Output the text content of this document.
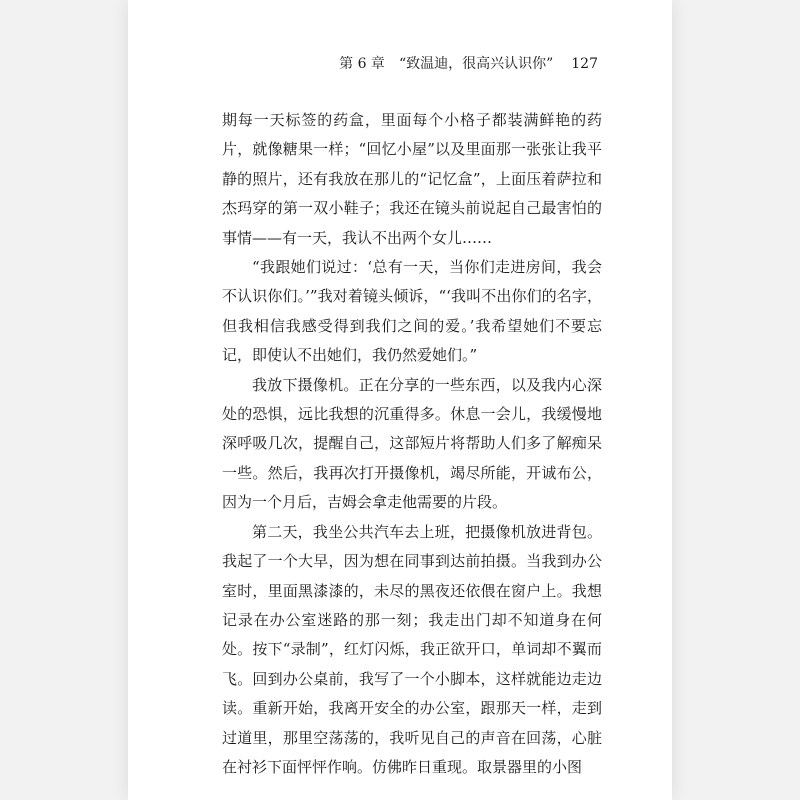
第 6 章 “致温迪，很高兴认识你” 127

期每一天标签的药盒，里面每个小格子都装满鲜艳的药片，就像糖果一样；“回忆小屋”以及里面那一张张让我平静的照片，还有我放在那儿的“记忆盒”，上面压着萨拉和杰玛穿的第一双小鞋子；我还在镜头前说起自己最害怕的事情——有一天，我认不出两个女儿……

“我跟她们说过：‘总有一天，当你们走进房间，我会不认识你们。’”我对着镜头倾诉，“‘我叫不出你们的名字，但我相信我感受得到我们之间的爱。’我希望她们不要忘记，即使认不出她们，我仍然爱她们。”

我放下摄像机。正在分享的一些东西，以及我内心深处的恐惧，远比我想的沉重得多。休息一会儿，我缓慢地深呼吸几次，提醒自己，这部短片将帮助人们多了解痴呆一些。然后，我再次打开摄像机，竭尽所能，开诚布公，因为一个月后，吉姆会拿走他需要的片段。

第二天，我坐公共汽车去上班，把摄像机放进背包。我起了一个大早，因为想在同事到达前拍摄。当我到办公室时，里面黑漆漆的，未尽的黑夜还依偎在窗户上。我想记录在办公室迷路的那一刻；我走出门却不知道身在何处。按下“录制”，红灯闪烁，我正欲开口，单词却不翼而飞。回到办公桌前，我写了一个小脚本，这样就能边走边读。重新开始，我离开安全的办公室，跟那天一样，走到过道里，那里空荡荡的，我听见自己的声音在回荡，心脏在衬衫下面怦怦作响。仿佛昨日重现。取景器里的小图
